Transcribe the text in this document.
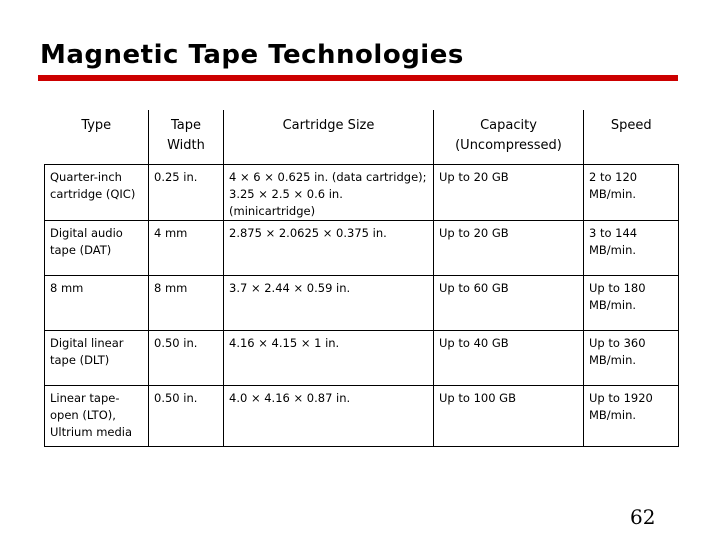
Magnetic Tape Technologies
Type	Tape Width	Cartridge Size	Capacity (Uncompressed)	Speed
Quarter-inch cartridge (QIC)	0.25 in.	4 × 6 × 0.625 in. (data cartridge); 3.25 × 2.5 × 0.6 in. (minicartridge)	Up to 20 GB	2 to 120 MB/min.
Digital audio tape (DAT)	4 mm	2.875 × 2.0625 × 0.375 in.	Up to 20 GB	3 to 144 MB/min.
8 mm	8 mm	3.7 × 2.44 × 0.59 in.	Up to 60 GB	Up to 180 MB/min.
Digital linear tape (DLT)	0.50 in.	4.16 × 4.15 × 1 in.	Up to 40 GB	Up to 360 MB/min.
Linear tape-open (LTO), Ultrium media	0.50 in.	4.0 × 4.16 × 0.87 in.	Up to 100 GB	Up to 1920 MB/min.
62
